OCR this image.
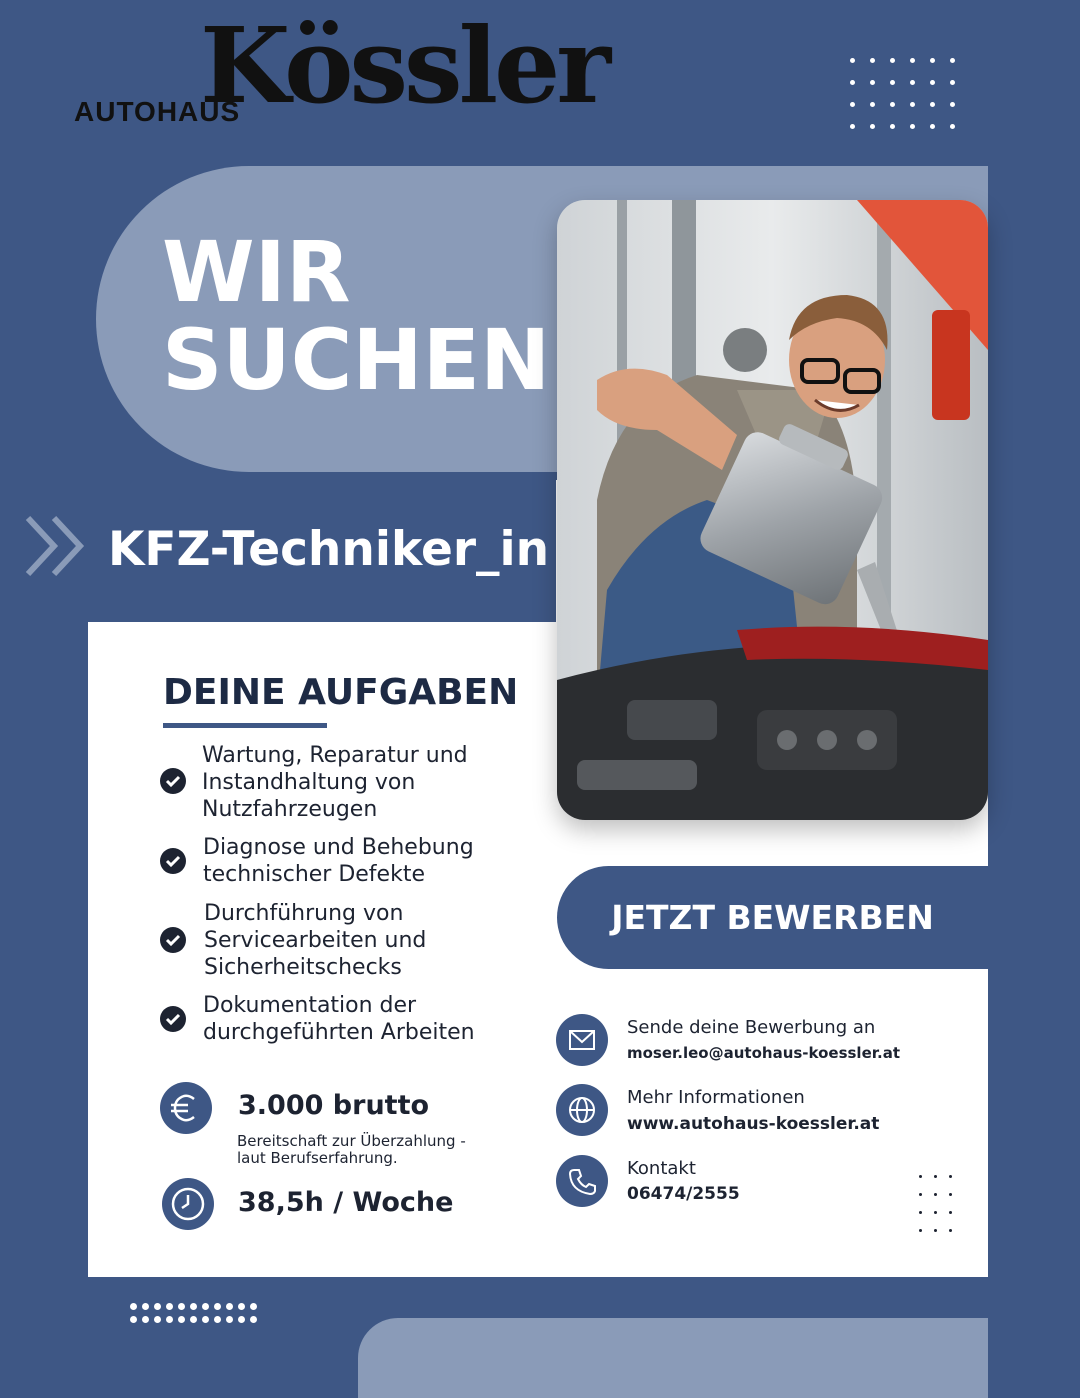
Kössler
AUTOHAUS
WIR
SUCHEN
KFZ-Techniker_in
DEINE AUFGABEN
Wartung, Reparatur und Instandhaltung von Nutzfahrzeugen
Diagnose und Behebung technischer Defekte
Durchführung von Servicearbeiten und Sicherheitschecks
Dokumentation der durchgeführten Arbeiten
3.000 brutto
Bereitschaft zur Überzahlung - laut Berufserfahrung.
38,5h / Woche
JETZT BEWERBEN
Sende deine Bewerbung an
moser.leo@autohaus-koessler.at
Mehr Informationen
www.autohaus-koessler.at
Kontakt
06474/2555
